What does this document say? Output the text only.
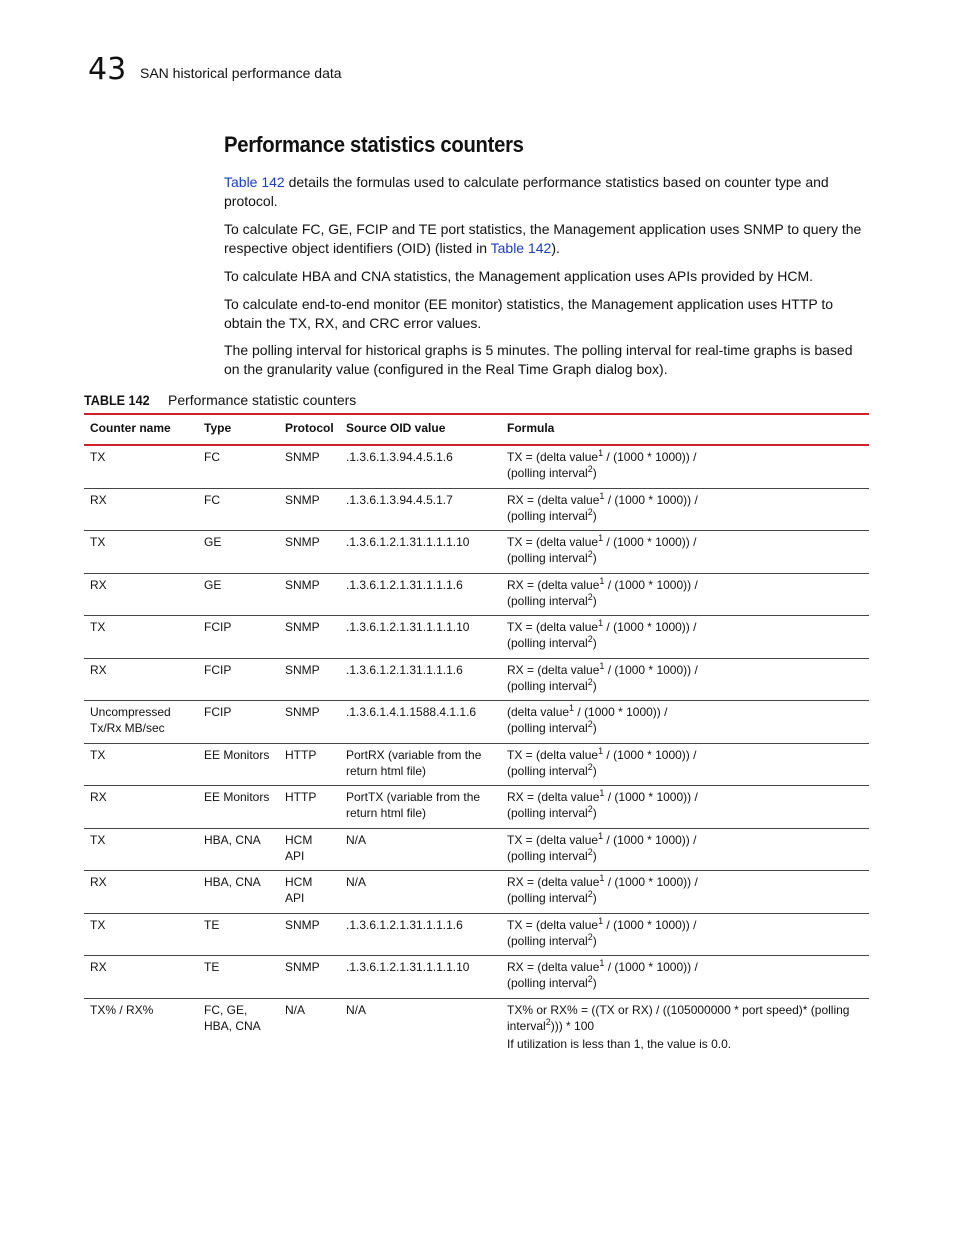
43 SAN historical performance data
Performance statistics counters
Table 142 details the formulas used to calculate performance statistics based on counter type and protocol.
To calculate FC, GE, FCIP and TE port statistics, the Management application uses SNMP to query the respective object identifiers (OID) (listed in Table 142).
To calculate HBA and CNA statistics, the Management application uses APIs provided by HCM.
To calculate end-to-end monitor (EE monitor) statistics, the Management application uses HTTP to obtain the TX, RX, and CRC error values.
The polling interval for historical graphs is 5 minutes. The polling interval for real-time graphs is based on the granularity value (configured in the Real Time Graph dialog box).
TABLE 142 Performance statistic counters
Counter name	Type	Protocol	Source OID value	Formula
TX	FC	SNMP	.1.3.6.1.3.94.4.5.1.6	TX = (delta value$^1$ / (1000 * 1000)) /
(polling interval$^2$)
RX	FC	SNMP	.1.3.6.1.3.94.4.5.1.7	RX = (delta value$^1$ / (1000 * 1000)) /
(polling interval$^2$)
TX	GE	SNMP	.1.3.6.1.2.1.31.1.1.1.10	TX = (delta value$^1$ / (1000 * 1000)) /
(polling interval$^2$)
RX	GE	SNMP	.1.3.6.1.2.1.31.1.1.1.6	RX = (delta value$^1$ / (1000 * 1000)) /
(polling interval$^2$)
TX	FCIP	SNMP	.1.3.6.1.2.1.31.1.1.1.10	TX = (delta value$^1$ / (1000 * 1000)) /
(polling interval$^2$)
RX	FCIP	SNMP	.1.3.6.1.2.1.31.1.1.1.6	RX = (delta value$^1$ / (1000 * 1000)) /
(polling interval$^2$)
Uncompressed Tx/Rx MB/sec	FCIP	SNMP	.1.3.6.1.4.1.1588.4.1.1.6	(delta value$^1$ / (1000 * 1000)) /
(polling interval$^2$)
TX	EE Monitors	HTTP	PortRX (variable from the return html file)	TX = (delta value$^1$ / (1000 * 1000)) /
(polling interval$^2$)
RX	EE Monitors	HTTP	PortTX (variable from the return html file)	RX = (delta value$^1$ / (1000 * 1000)) /
(polling interval$^2$)
TX	HBA, CNA	HCM API	N/A	TX = (delta value$^1$ / (1000 * 1000)) /
(polling interval$^2$)
RX	HBA, CNA	HCM API	N/A	RX = (delta value$^1$ / (1000 * 1000)) /
(polling interval$^2$)
TX	TE	SNMP	.1.3.6.1.2.1.31.1.1.1.6	TX = (delta value$^1$ / (1000 * 1000)) /
(polling interval$^2$)
RX	TE	SNMP	.1.3.6.1.2.1.31.1.1.1.10	RX = (delta value$^1$ / (1000 * 1000)) /
(polling interval$^2$)
TX% / RX%	FC, GE, HBA, CNA	N/A	N/A	TX% or RX% = ((TX or RX) / ((105000000 * port speed)* (polling interval$^2$))) * 100
If utilization is less than 1, the value is 0.0.
